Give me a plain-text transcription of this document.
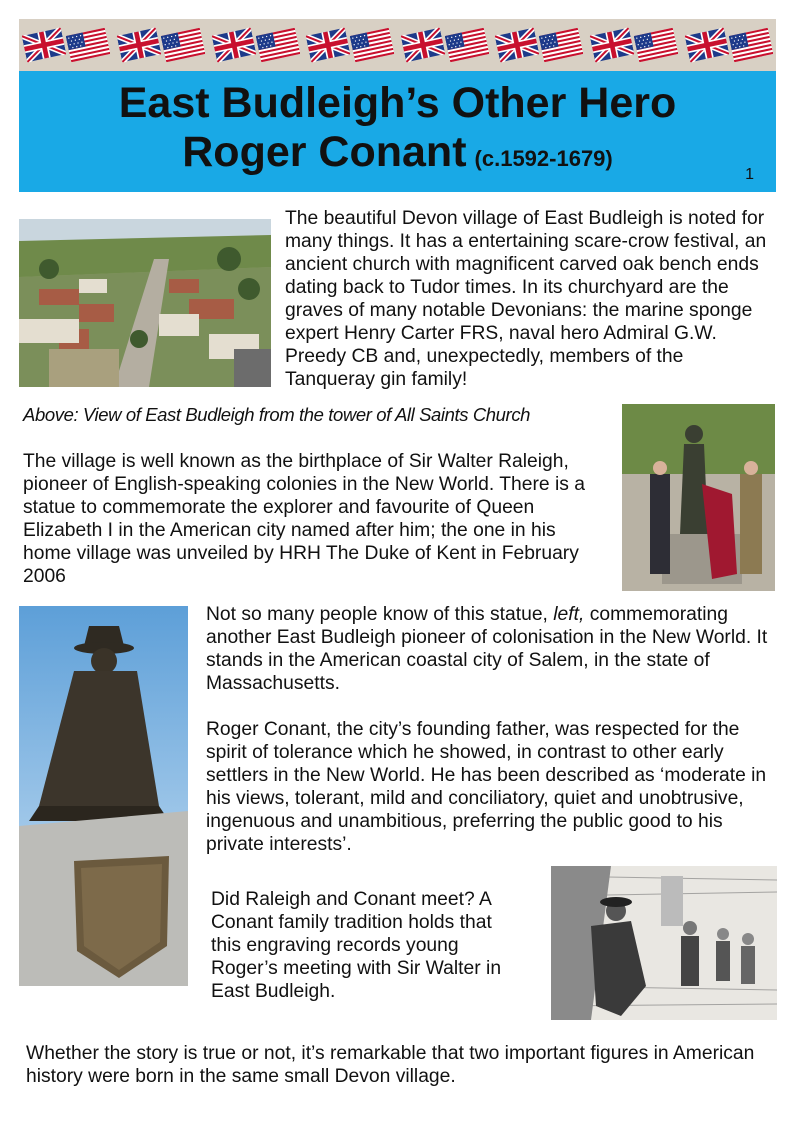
East Budleigh’s Other Hero
Roger Conant (c.1592-1679)
1
The beautiful Devon village of East Budleigh is noted for many things. It has a entertaining scare-crow festival, an ancient church with magnificent carved oak bench ends dating back to Tudor times. In its churchyard are the graves of many notable Devonians: the marine sponge expert Henry Carter FRS, naval hero Admiral G.W. Preedy CB and, unexpectedly, members of the Tanqueray gin family!
Above: View of East Budleigh from the tower of All Saints Church
The village is well known as the birthplace of Sir Walter Raleigh, pioneer of English-speaking colonies in the New World. There is a statue to commemorate the explorer and favourite of Queen Elizabeth I in the American city named after him; the one in his home village was unveiled by HRH The Duke of Kent in February 2006
Not so many people know of this statue, left, commemorating another East Budleigh pioneer of colonisation in the New World. It stands in the American coastal city of Salem, in the state of Massachusetts.
Roger Conant, the city’s founding father, was respected for the spirit of tolerance which he showed, in contrast to other early settlers in the New World. He has been described as ‘moderate in his views, tolerant, mild and conciliatory, quiet and unobtrusive, ingenuous and unambitious, preferring the public good to his private interests’.
Did Raleigh and Conant meet? A Conant family tradition holds that this engraving records young Roger’s meeting with Sir Walter in East Budleigh.
Whether the story is true or not, it’s remarkable that two important figures in American history were born in the same small Devon village.
